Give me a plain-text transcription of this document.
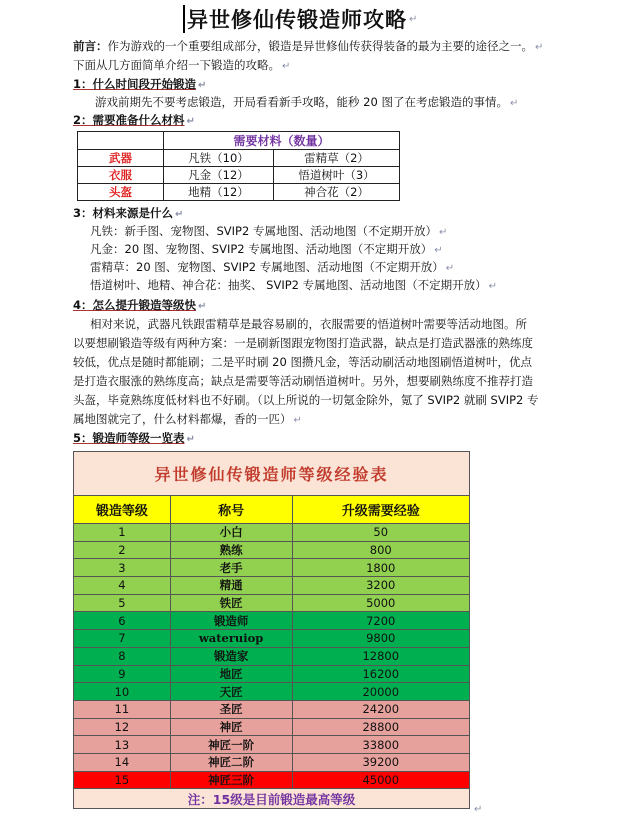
异世修仙传锻造师攻略 ↵
前言：作为游戏的一个重要组成部分，锻造是异世修仙传获得装备的最为主要的途径之一。 ↵
下面从几方面简单介绍一下锻造的攻略。 ↵
1：什么时间段开始锻造 ↵
游戏前期先不要考虑锻造，开局看看新手攻略，能秒 20 图了在考虑锻造的事情。 ↵
2：需要准备什么材料 ↵
	需要材料（数量）	
武器	凡铁（10）	雷精草（2）
衣服	凡金（12）	悟道树叶（3）
头盔	地精（12）	神合花（2）
3：材料来源是什么 ↵
凡铁：新手图、宠物图、SVIP2 专属地图、活动地图（不定期开放） ↵
凡金：20 图、宠物图、SVIP2 专属地图、活动地图（不定期开放） ↵
雷精草：20 图、宠物图、SVIP2 专属地图、活动地图（不定期开放） ↵
悟道树叶、地精、神合花：抽奖、 SVIP2 专属地图、活动地图（不定期开放） ↵
4：怎么提升锻造等级快 ↵
相对来说，武器凡铁跟雷精草是最容易刷的，衣服需要的悟道树叶需要等活动地图。所
以要想刷锻造等级有两种方案：一是刷新图跟宠物图打造武器，缺点是打造武器涨的熟练度
较低，优点是随时都能刷；二是平时刷 20 图攒凡金，等活动刷活动地图刷悟道树叶，优点
是打造衣服涨的熟练度高；缺点是需要等活动刷悟道树叶。另外，想要刷熟练度不推荐打造
头盔，毕竟熟练度低材料也不好刷。（以上所说的一切氪金除外，氪了 SVIP2 就刷 SVIP2 专
属地图就完了，什么材料都爆，香的一匹） ↵
5：锻造师等级一览表 ↵
异世修仙传锻造师等级经验表		
锻造等级	称号	升级需要经验
1	小白	50
2	熟练	800
3	老手	1800
4	精通	3200
5	铁匠	5000
6	锻造师	7200
7	wateruiop	9800
8	锻造家	12800
9	地匠	16200
10	天匠	20000
11	圣匠	24200
12	神匠	28800
13	神匠一阶	33800
14	神匠二阶	39200
15	神匠三阶	45000
注：15级是目前锻造最高等级		
↵
